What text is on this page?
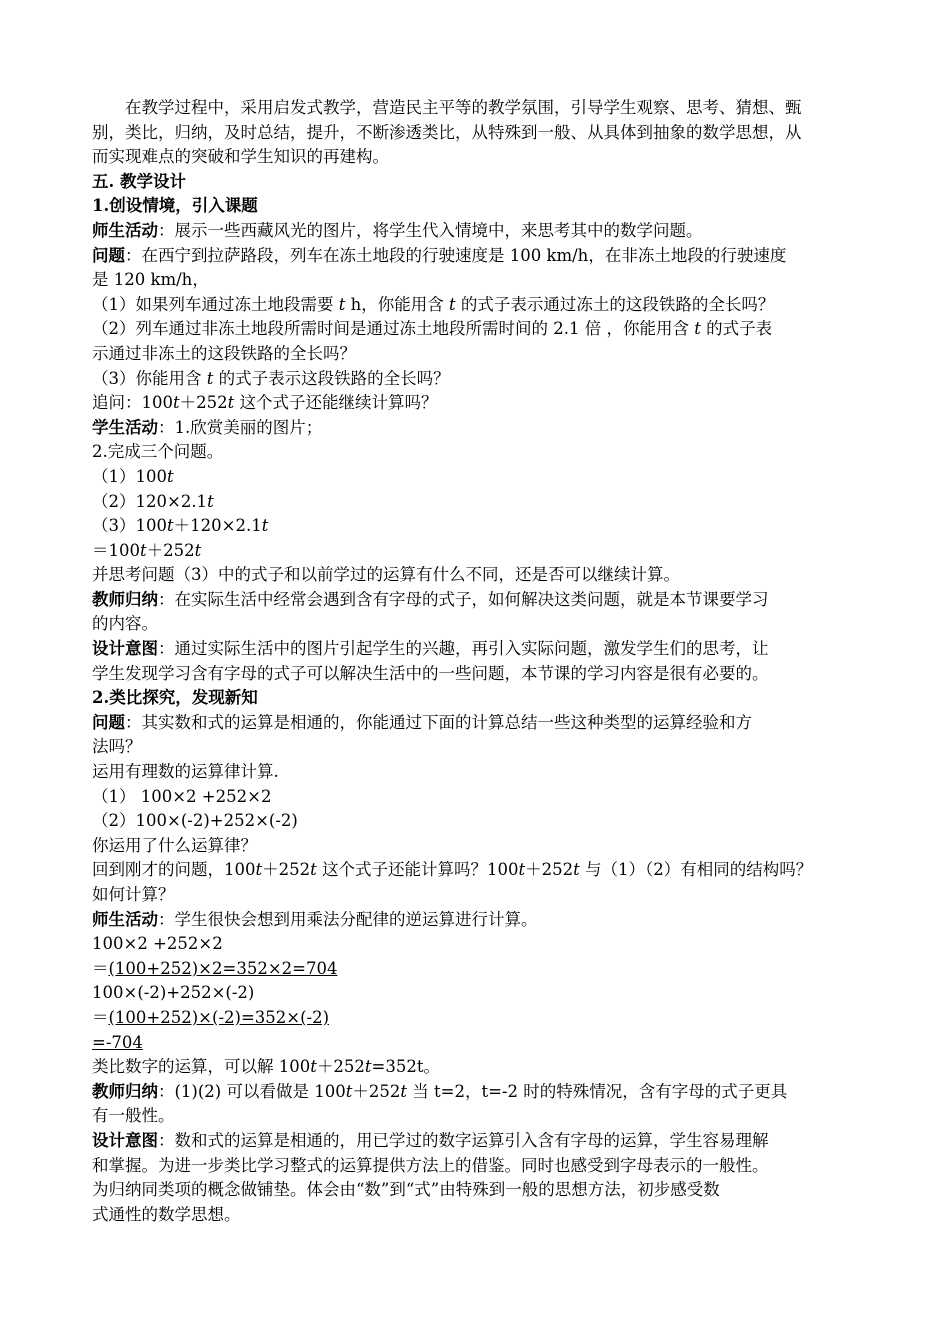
在教学过程中，采用启发式教学，营造民主平等的教学氛围，引导学生观察、思考、猜想、甄
别，类比，归纳，及时总结，提升，不断渗透类比，从特殊到一般、从具体到抽象的数学思想，从
而实现难点的突破和学生知识的再建构。
五. 教学设计
1.创设情境，引入课题
师生活动：展示一些西藏风光的图片，将学生代入情境中，来思考其中的数学问题。
问题：在西宁到拉萨路段，列车在冻土地段的行驶速度是 100 km/h，在非冻土地段的行驶速度
是 120 km/h，
（1）如果列车通过冻土地段需要 t h，你能用含 t 的式子表示通过冻土的这段铁路的全长吗？
（2）列车通过非冻土地段所需时间是通过冻土地段所需时间的 2.1 倍 ，你能用含 t 的式子表
示通过非冻土的这段铁路的全长吗？
（3）你能用含 t 的式子表示这段铁路的全长吗？
追问：100t＋252t 这个式子还能继续计算吗？
学生活动：1.欣赏美丽的图片；
2.完成三个问题。
（1）100t
（2）120×2.1t
（3）100t＋120×2.1t
＝100t＋252t
并思考问题（3）中的式子和以前学过的运算有什么不同，还是否可以继续计算。
教师归纳：在实际生活中经常会遇到含有字母的式子，如何解决这类问题，就是本节课要学习
的内容。
设计意图：通过实际生活中的图片引起学生的兴趣，再引入实际问题，激发学生们的思考，让
学生发现学习含有字母的式子可以解决生活中的一些问题，本节课的学习内容是很有必要的。
2.类比探究，发现新知
问题：其实数和式的运算是相通的，你能通过下面的计算总结一些这种类型的运算经验和方
法吗？
运用有理数的运算律计算.
（1） 100×2 +252×2
（2）100×(-2)+252×(-2)
你运用了什么运算律？
回到刚才的问题，100t＋252t 这个式子还能计算吗？100t＋252t 与（1）（2）有相同的结构吗？
如何计算？
师生活动：学生很快会想到用乘法分配律的逆运算进行计算。
100×2 +252×2
＝(100+252)×2=352×2=704
100×(-2)+252×(-2)
＝(100+252)×(-2)=352×(-2)
=-704
类比数字的运算，可以解 100t＋252t=352t。
教师归纳：(1)(2) 可以看做是 100t＋252t 当 t=2，t=-2 时的特殊情况，含有字母的式子更具
有一般性。
设计意图：数和式的运算是相通的，用已学过的数字运算引入含有字母的运算，学生容易理解
和掌握。为进一步类比学习整式的运算提供方法上的借鉴。同时也感受到字母表示的一般性。
为归纳同类项的概念做铺垫。体会由“数”到“式”由特殊到一般的思想方法，初步感受数
式通性的数学思想。
